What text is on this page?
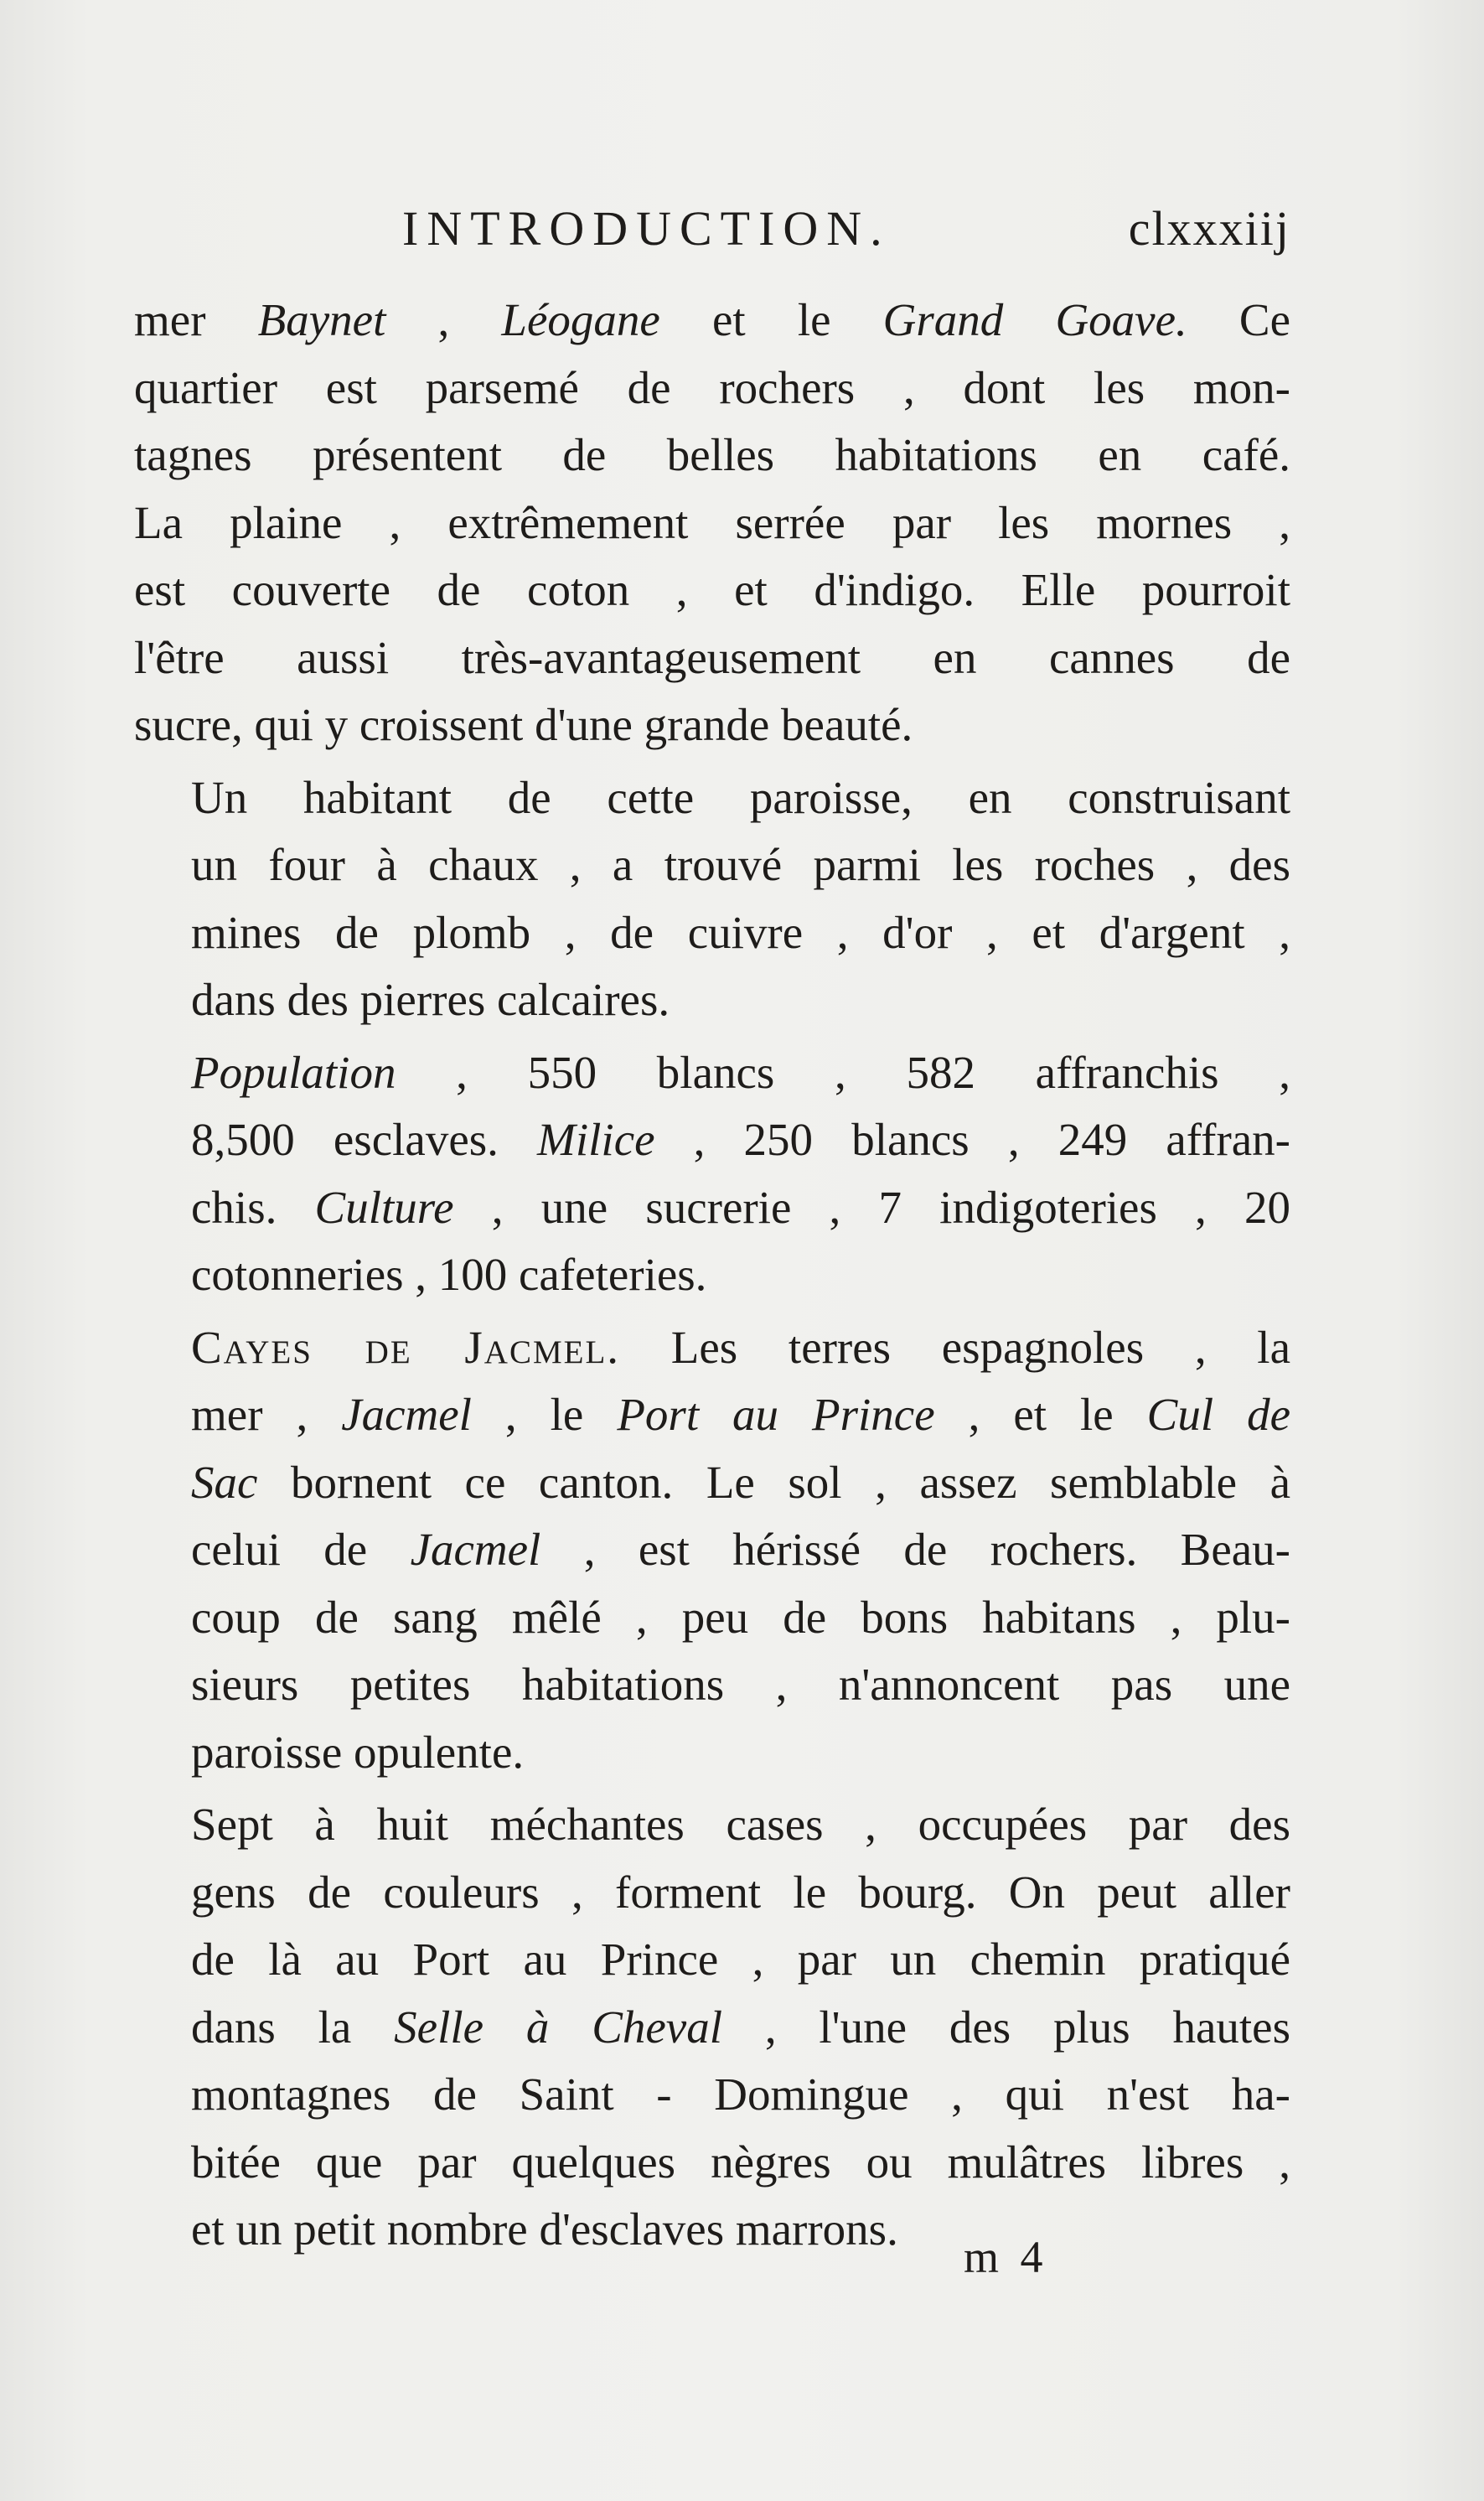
INTRODUCTION.	clxxxiij
mer Baynet , Léogane et le Grand Goave. Ce
quartier est parsemé de rochers , dont les mon-
tagnes présentent de belles habitations en café.
La plaine , extrêmement serrée par les mornes ,
est couverte de coton , et d'indigo. Elle pourroit
l'être aussi très-avantageusement en cannes de
sucre, qui y croissent d'une grande beauté.
Un habitant de cette paroisse, en construisant
un four à chaux , a trouvé parmi les roches , des
mines de plomb , de cuivre , d'or , et d'argent ,
dans des pierres calcaires.
Population , 550 blancs , 582 affranchis ,
8,500 esclaves. Milice , 250 blancs , 249 affran-
chis. Culture , une sucrerie , 7 indigoteries , 20
cotonneries , 100 cafeteries.
Cayes de Jacmel. Les terres espagnoles , la
mer , Jacmel , le Port au Prince , et le Cul de
Sac bornent ce canton. Le sol , assez semblable à
celui de Jacmel , est hérissé de rochers. Beau-
coup de sang mêlé , peu de bons habitans , plu-
sieurs petites habitations , n'annoncent pas une
paroisse opulente.
Sept à huit méchantes cases , occupées par des
gens de couleurs , forment le bourg. On peut aller
de là au Port au Prince , par un chemin pratiqué
dans la Selle à Cheval , l'une des plus hautes
montagnes de Saint - Domingue , qui n'est ha-
bitée que par quelques nègres ou mulâtres libres ,
et un petit nombre d'esclaves marrons.
m 4
